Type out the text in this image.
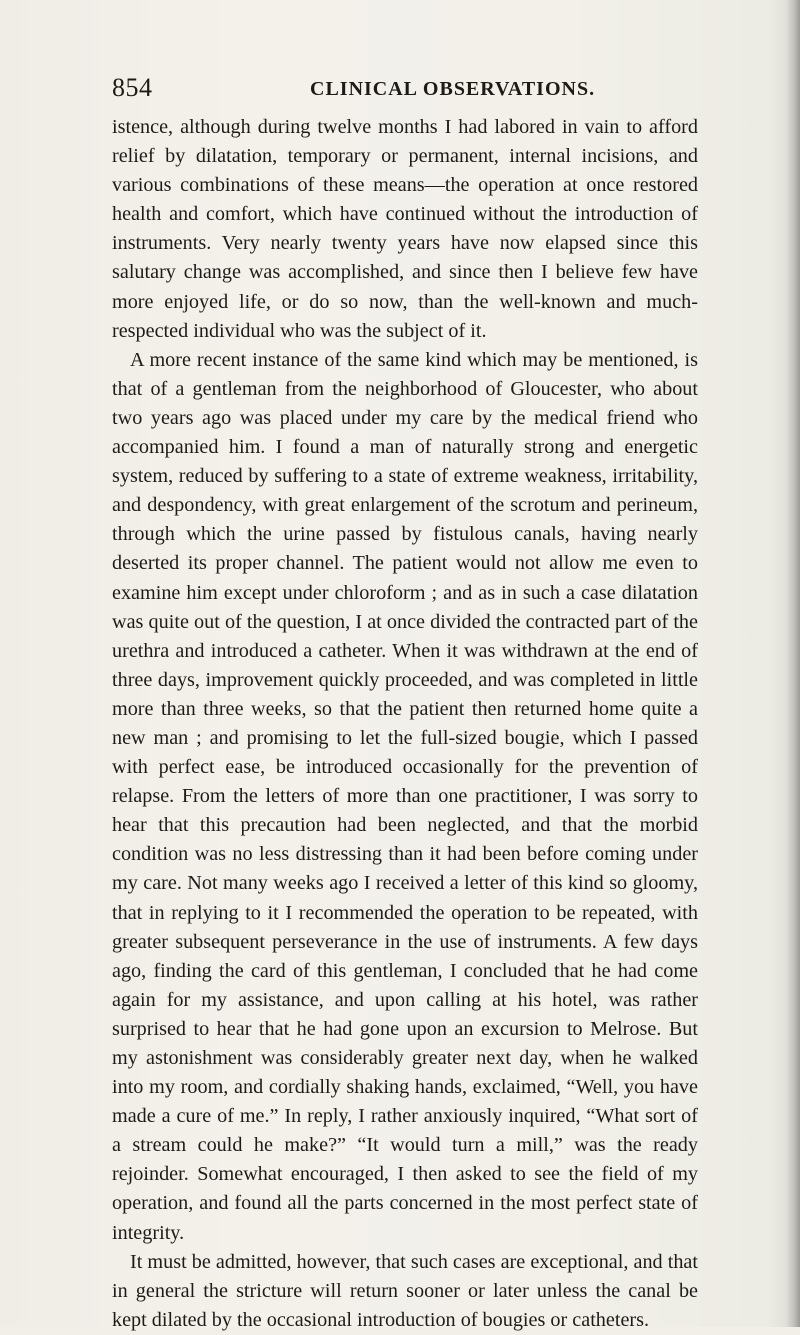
854	CLINICAL OBSERVATIONS.

istence, although during twelve months I had labored in vain to afford relief by dilatation, temporary or permanent, internal incisions, and various combinations of these means—the operation at once restored health and comfort, which have continued without the introduction of instruments. Very nearly twenty years have now elapsed since this salutary change was accomplished, and since then I believe few have more enjoyed life, or do so now, than the well-known and much-respected individual who was the subject of it.

A more recent instance of the same kind which may be mentioned, is that of a gentleman from the neighborhood of Gloucester, who about two years ago was placed under my care by the medical friend who accompanied him. I found a man of naturally strong and energetic system, reduced by suffering to a state of extreme weakness, irritability, and despondency, with great enlargement of the scrotum and perineum, through which the urine passed by fistulous canals, having nearly deserted its proper channel. The patient would not allow me even to examine him except under chloroform ; and as in such a case dilatation was quite out of the question, I at once divided the contracted part of the urethra and introduced a catheter. When it was withdrawn at the end of three days, improvement quickly proceeded, and was completed in little more than three weeks, so that the patient then returned home quite a new man ; and promising to let the full-sized bougie, which I passed with perfect ease, be introduced occasionally for the prevention of relapse. From the letters of more than one practitioner, I was sorry to hear that this precaution had been neglected, and that the morbid condition was no less distressing than it had been before coming under my care. Not many weeks ago I received a letter of this kind so gloomy, that in replying to it I recommended the operation to be repeated, with greater subsequent perseverance in the use of instruments. A few days ago, finding the card of this gentleman, I concluded that he had come again for my assistance, and upon calling at his hotel, was rather surprised to hear that he had gone upon an excursion to Melrose. But my astonishment was considerably greater next day, when he walked into my room, and cordially shaking hands, exclaimed, “Well, you have made a cure of me.” In reply, I rather anxiously inquired, “What sort of a stream could he make?” “It would turn a mill,” was the ready rejoinder. Somewhat encouraged, I then asked to see the field of my operation, and found all the parts concerned in the most perfect state of integrity.

It must be admitted, however, that such cases are exceptional, and that in general the stricture will return sooner or later unless the canal be kept dilated by the occasional introduction of bougies or catheters.
